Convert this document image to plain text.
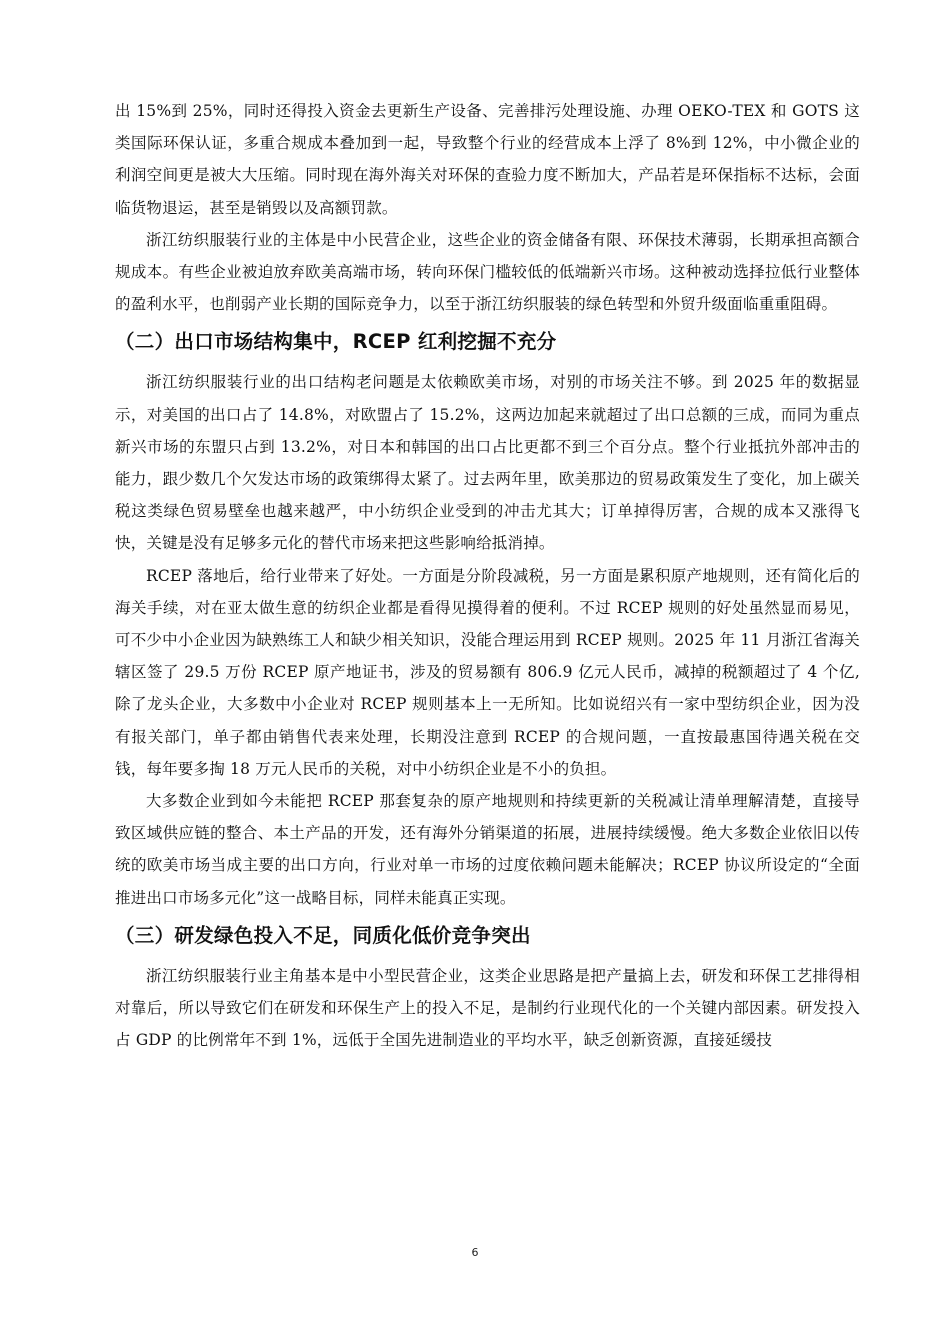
出 15%到 25%，同时还得投入资金去更新生产设备、完善排污处理设施、办理 OEKO-TEX 和 GOTS 这类国际环保认证，多重合规成本叠加到一起，导致整个行业的经营成本上浮了 8%到 12%，中小微企业的利润空间更是被大大压缩。同时现在海外海关对环保的查验力度不断加大，产品若是环保指标不达标，会面临货物退运，甚至是销毁以及高额罚款。

浙江纺织服装行业的主体是中小民营企业，这些企业的资金储备有限、环保技术薄弱，长期承担高额合规成本。有些企业被迫放弃欧美高端市场，转向环保门槛较低的低端新兴市场。这种被动选择拉低行业整体的盈利水平，也削弱产业长期的国际竞争力，以至于浙江纺织服装的绿色转型和外贸升级面临重重阻碍。

（二）出口市场结构集中，RCEP 红利挖掘不充分

浙江纺织服装行业的出口结构老问题是太依赖欧美市场，对别的市场关注不够。到 2025 年的数据显示，对美国的出口占了 14.8%，对欧盟占了 15.2%，这两边加起来就超过了出口总额的三成，而同为重点新兴市场的东盟只占到 13.2%，对日本和韩国的出口占比更都不到三个百分点。整个行业抵抗外部冲击的能力，跟少数几个欠发达市场的政策绑得太紧了。过去两年里，欧美那边的贸易政策发生了变化，加上碳关税这类绿色贸易壁垒也越来越严，中小纺织企业受到的冲击尤其大；订单掉得厉害，合规的成本又涨得飞快，关键是没有足够多元化的替代市场来把这些影响给抵消掉。

RCEP 落地后，给行业带来了好处。一方面是分阶段减税，另一方面是累积原产地规则，还有简化后的海关手续，对在亚太做生意的纺织企业都是看得见摸得着的便利。不过 RCEP 规则的好处虽然显而易见，可不少中小企业因为缺熟练工人和缺少相关知识，没能合理运用到 RCEP 规则。2025 年 11 月浙江省海关辖区签了 29.5 万份 RCEP 原产地证书，涉及的贸易额有 806.9 亿元人民币，减掉的税额超过了 4 个亿,除了龙头企业，大多数中小企业对 RCEP 规则基本上一无所知。比如说绍兴有一家中型纺织企业，因为没有报关部门，单子都由销售代表来处理，长期没注意到 RCEP 的合规问题，一直按最惠国待遇关税在交钱，每年要多掏 18 万元人民币的关税，对中小纺织企业是不小的负担。

大多数企业到如今未能把 RCEP 那套复杂的原产地规则和持续更新的关税减让清单理解清楚，直接导致区域供应链的整合、本土产品的开发，还有海外分销渠道的拓展，进展持续缓慢。绝大多数企业依旧以传统的欧美市场当成主要的出口方向，行业对单一市场的过度依赖问题未能解决；RCEP 协议所设定的“全面推进出口市场多元化”这一战略目标，同样未能真正实现。

（三）研发绿色投入不足，同质化低价竞争突出

浙江纺织服装行业主角基本是中小型民营企业，这类企业思路是把产量搞上去，研发和环保工艺排得相对靠后，所以导致它们在研发和环保生产上的投入不足，是制约行业现代化的一个关键内部因素。研发投入占 GDP 的比例常年不到 1%，远低于全国先进制造业的平均水平，缺乏创新资源，直接延缓技

6
